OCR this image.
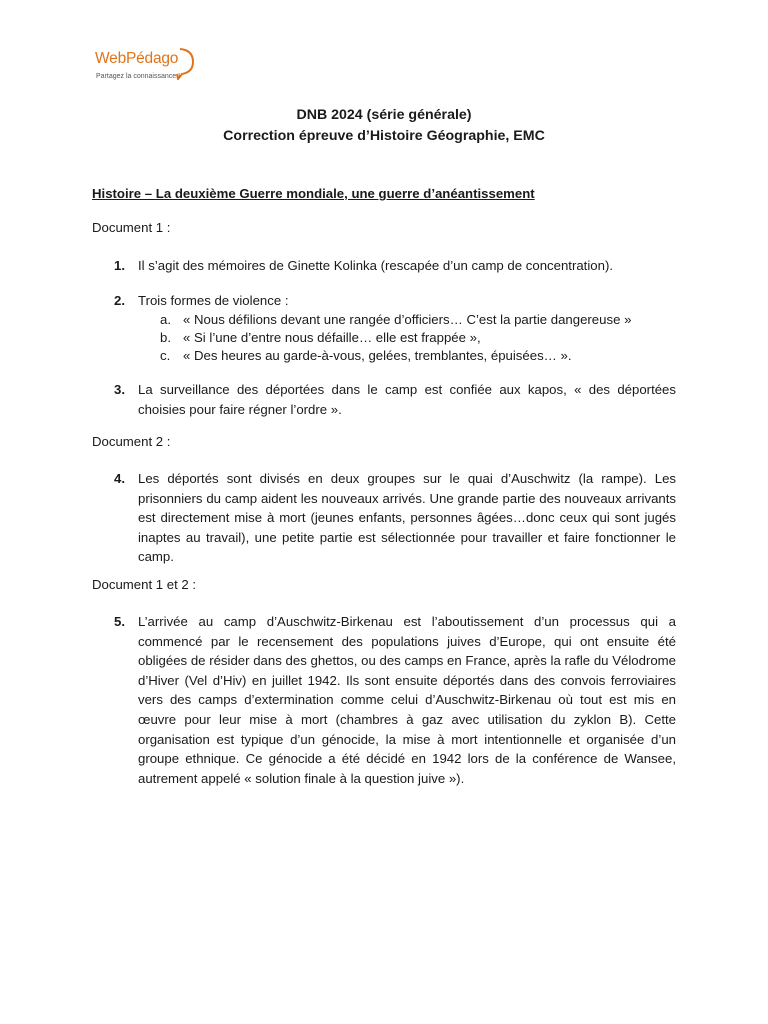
WebPédago
Partagez la connaissance !
DNB 2024 (série générale)
Correction épreuve d’Histoire Géographie, EMC
Histoire – La deuxième Guerre mondiale, une guerre d’anéantissement
Document 1 :
1. Il s’agit des mémoires de Ginette Kolinka (rescapée d’un camp de concentration).
2. Trois formes de violence :
a. « Nous défilions devant une rangée d’officiers… C’est la partie dangereuse »
b. « Si l’une d’entre nous défaille… elle est frappée »,
c. « Des heures au garde-à-vous, gelées, tremblantes, épuisées… ».
3. La surveillance des déportées dans le camp est confiée aux kapos, « des déportées choisies pour faire régner l’ordre ».
Document 2 :
4. Les déportés sont divisés en deux groupes sur le quai d’Auschwitz (la rampe). Les prisonniers du camp aident les nouveaux arrivés. Une grande partie des nouveaux arrivants est directement mise à mort (jeunes enfants, personnes âgées…donc ceux qui sont jugés inaptes au travail), une petite partie est sélectionnée pour travailler et faire fonctionner le camp.
Document 1 et 2 :
5. L’arrivée au camp d’Auschwitz-Birkenau est l’aboutissement d’un processus qui a commencé par le recensement des populations juives d’Europe, qui ont ensuite été obligées de résider dans des ghettos, ou des camps en France, après la rafle du Vélodrome d’Hiver (Vel d’Hiv) en juillet 1942. Ils sont ensuite déportés dans des convois ferroviaires vers des camps d’extermination comme celui d’Auschwitz-Birkenau où tout est mis en œuvre pour leur mise à mort (chambres à gaz avec utilisation du zyklon B). Cette organisation est typique d’un génocide, la mise à mort intentionnelle et organisée d’un groupe ethnique. Ce génocide a été décidé en 1942 lors de la conférence de Wansee, autrement appelé « solution finale à la question juive »).
